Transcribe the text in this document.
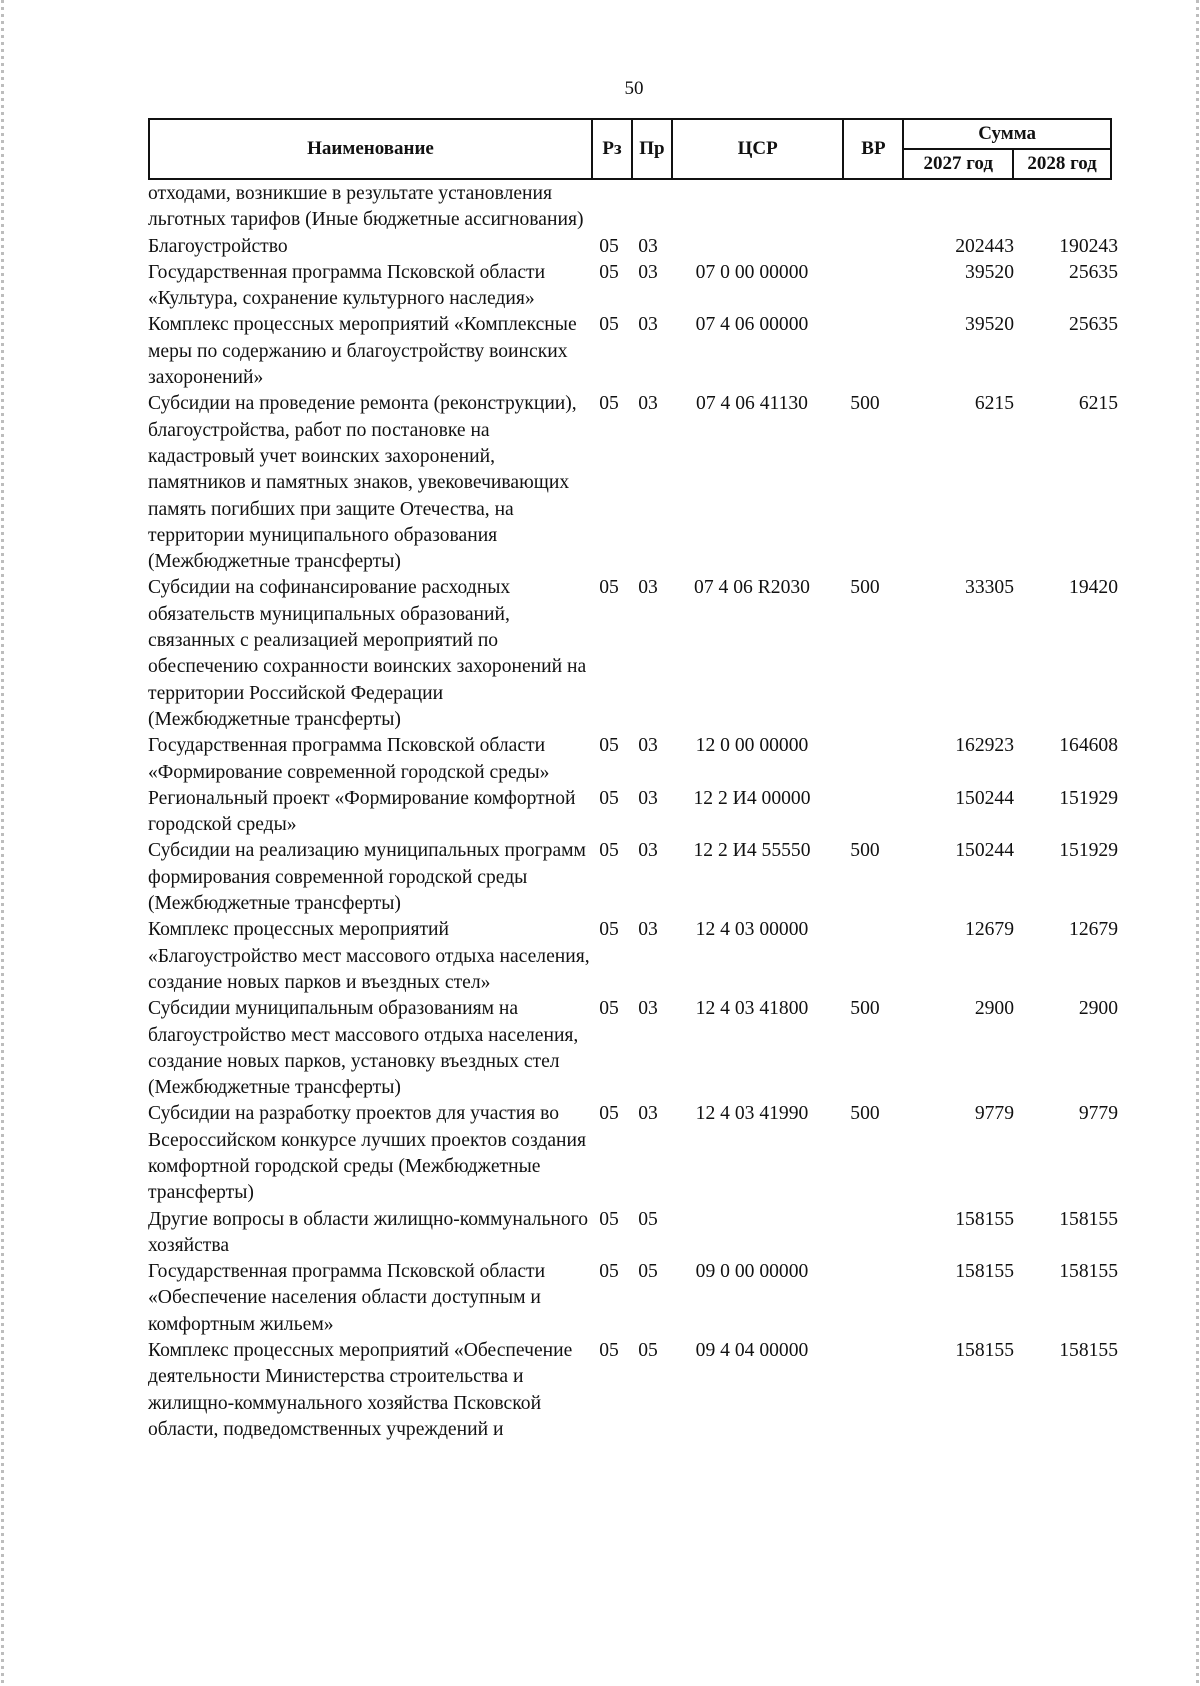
50
Наименование	Рз	Пр	ЦСР	ВР	Сумма	
					2027 год	2028 год
отходами, возникшие в результате установления льготных тарифов (Иные бюджетные ассигнования)						
Благоустройство	05	03			202443	190243
Государственная программа Псковской области «Культура, сохранение культурного наследия»	05	03	07 0 00 00000		39520	25635
Комплекс процессных мероприятий «Комплексные меры по содержанию и благоустройству воинских захоронений»	05	03	07 4 06 00000		39520	25635
Субсидии на проведение ремонта (реконструкции), благоустройства, работ по постановке на кадастровый учет воинских захоронений, памятников и памятных знаков, увековечивающих память погибших при защите Отечества, на территории муниципального образования (Межбюджетные трансферты)	05	03	07 4 06 41130	500	6215	6215
Субсидии на софинансирование расходных обязательств муниципальных образований, связанных с реализацией мероприятий по обеспечению сохранности воинских захоронений на территории Российской Федерации (Межбюджетные трансферты)	05	03	07 4 06 R2030	500	33305	19420
Государственная программа Псковской области «Формирование современной городской среды»	05	03	12 0 00 00000		162923	164608
Региональный проект «Формирование комфортной городской среды»	05	03	12 2 И4 00000		150244	151929
Субсидии на реализацию муниципальных программ формирования современной городской среды (Межбюджетные трансферты)	05	03	12 2 И4 55550	500	150244	151929
Комплекс процессных мероприятий «Благоустройство мест массового отдыха населения, создание новых парков и въездных стел»	05	03	12 4 03 00000		12679	12679
Субсидии муниципальным образованиям на благоустройство мест массового отдыха населения, создание новых парков, установку въездных стел (Межбюджетные трансферты)	05	03	12 4 03 41800	500	2900	2900
Субсидии на разработку проектов для участия во Всероссийском конкурсе лучших проектов создания комфортной городской среды (Межбюджетные трансферты)	05	03	12 4 03 41990	500	9779	9779
Другие вопросы в области жилищно-коммунального хозяйства	05	05			158155	158155
Государственная программа Псковской области «Обеспечение населения области доступным и комфортным жильем»	05	05	09 0 00 00000		158155	158155
Комплекс процессных мероприятий «Обеспечение деятельности Министерства строительства и жилищно-коммунального хозяйства Псковской области, подведомственных учреждений и	05	05	09 4 04 00000		158155	158155
